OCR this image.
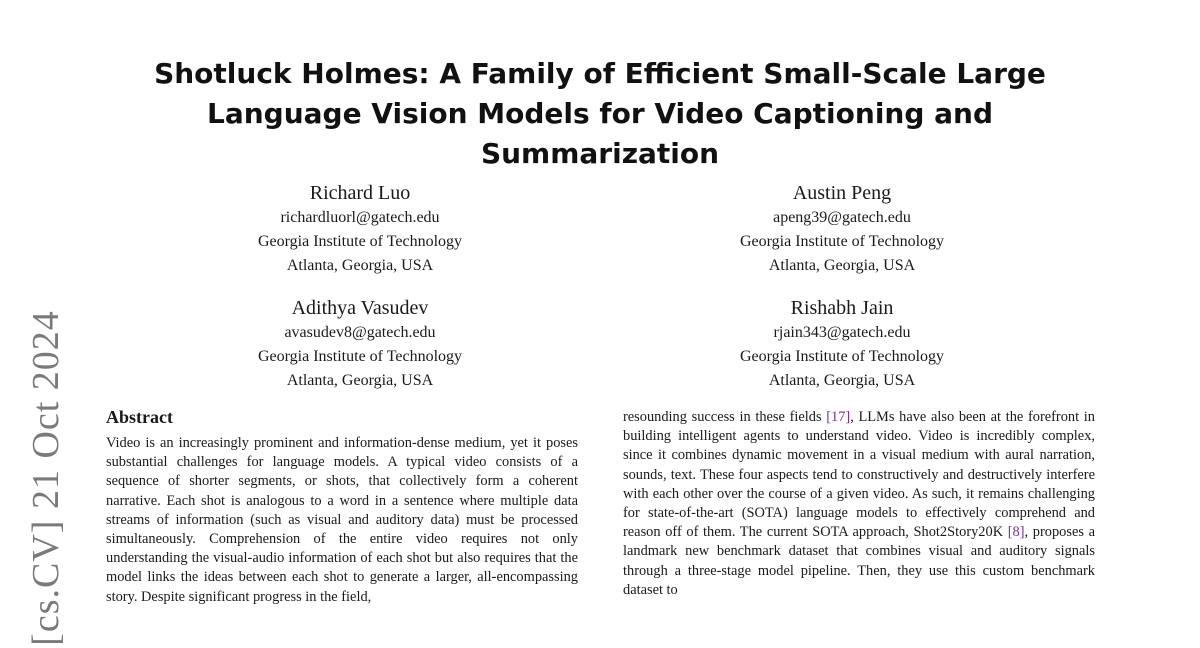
[cs.CV] 21 Oct 2024
Shotluck Holmes: A Family of Efficient Small-Scale Large Language Vision Models for Video Captioning and Summarization
Richard Luo
richardluorl@gatech.edu
Georgia Institute of Technology
Atlanta, Georgia, USA
Austin Peng
apeng39@gatech.edu
Georgia Institute of Technology
Atlanta, Georgia, USA
Adithya Vasudev
avasudev8@gatech.edu
Georgia Institute of Technology
Atlanta, Georgia, USA
Rishabh Jain
rjain343@gatech.edu
Georgia Institute of Technology
Atlanta, Georgia, USA
Abstract

Video is an increasingly prominent and information-dense medium, yet it poses substantial challenges for language models. A typical video consists of a sequence of shorter segments, or shots, that collectively form a coherent narrative. Each shot is analogous to a word in a sentence where multiple data streams of information (such as visual and auditory data) must be processed simultaneously. Comprehension of the entire video requires not only understanding the visual-audio information of each shot but also requires that the model links the ideas between each shot to generate a larger, all-encompassing story. Despite significant progress in the field,

resounding success in these fields [17], LLMs have also been at the forefront in building intelligent agents to understand video. Video is incredibly complex, since it combines dynamic movement in a visual medium with aural narration, sounds, text. These four aspects tend to constructively and destructively interfere with each other over the course of a given video. As such, it remains challenging for state-of-the-art (SOTA) language models to effectively comprehend and reason off of them. The current SOTA approach, Shot2Story20K [8], proposes a landmark new benchmark dataset that combines visual and auditory signals through a three-stage model pipeline. Then, they use this custom benchmark dataset to
